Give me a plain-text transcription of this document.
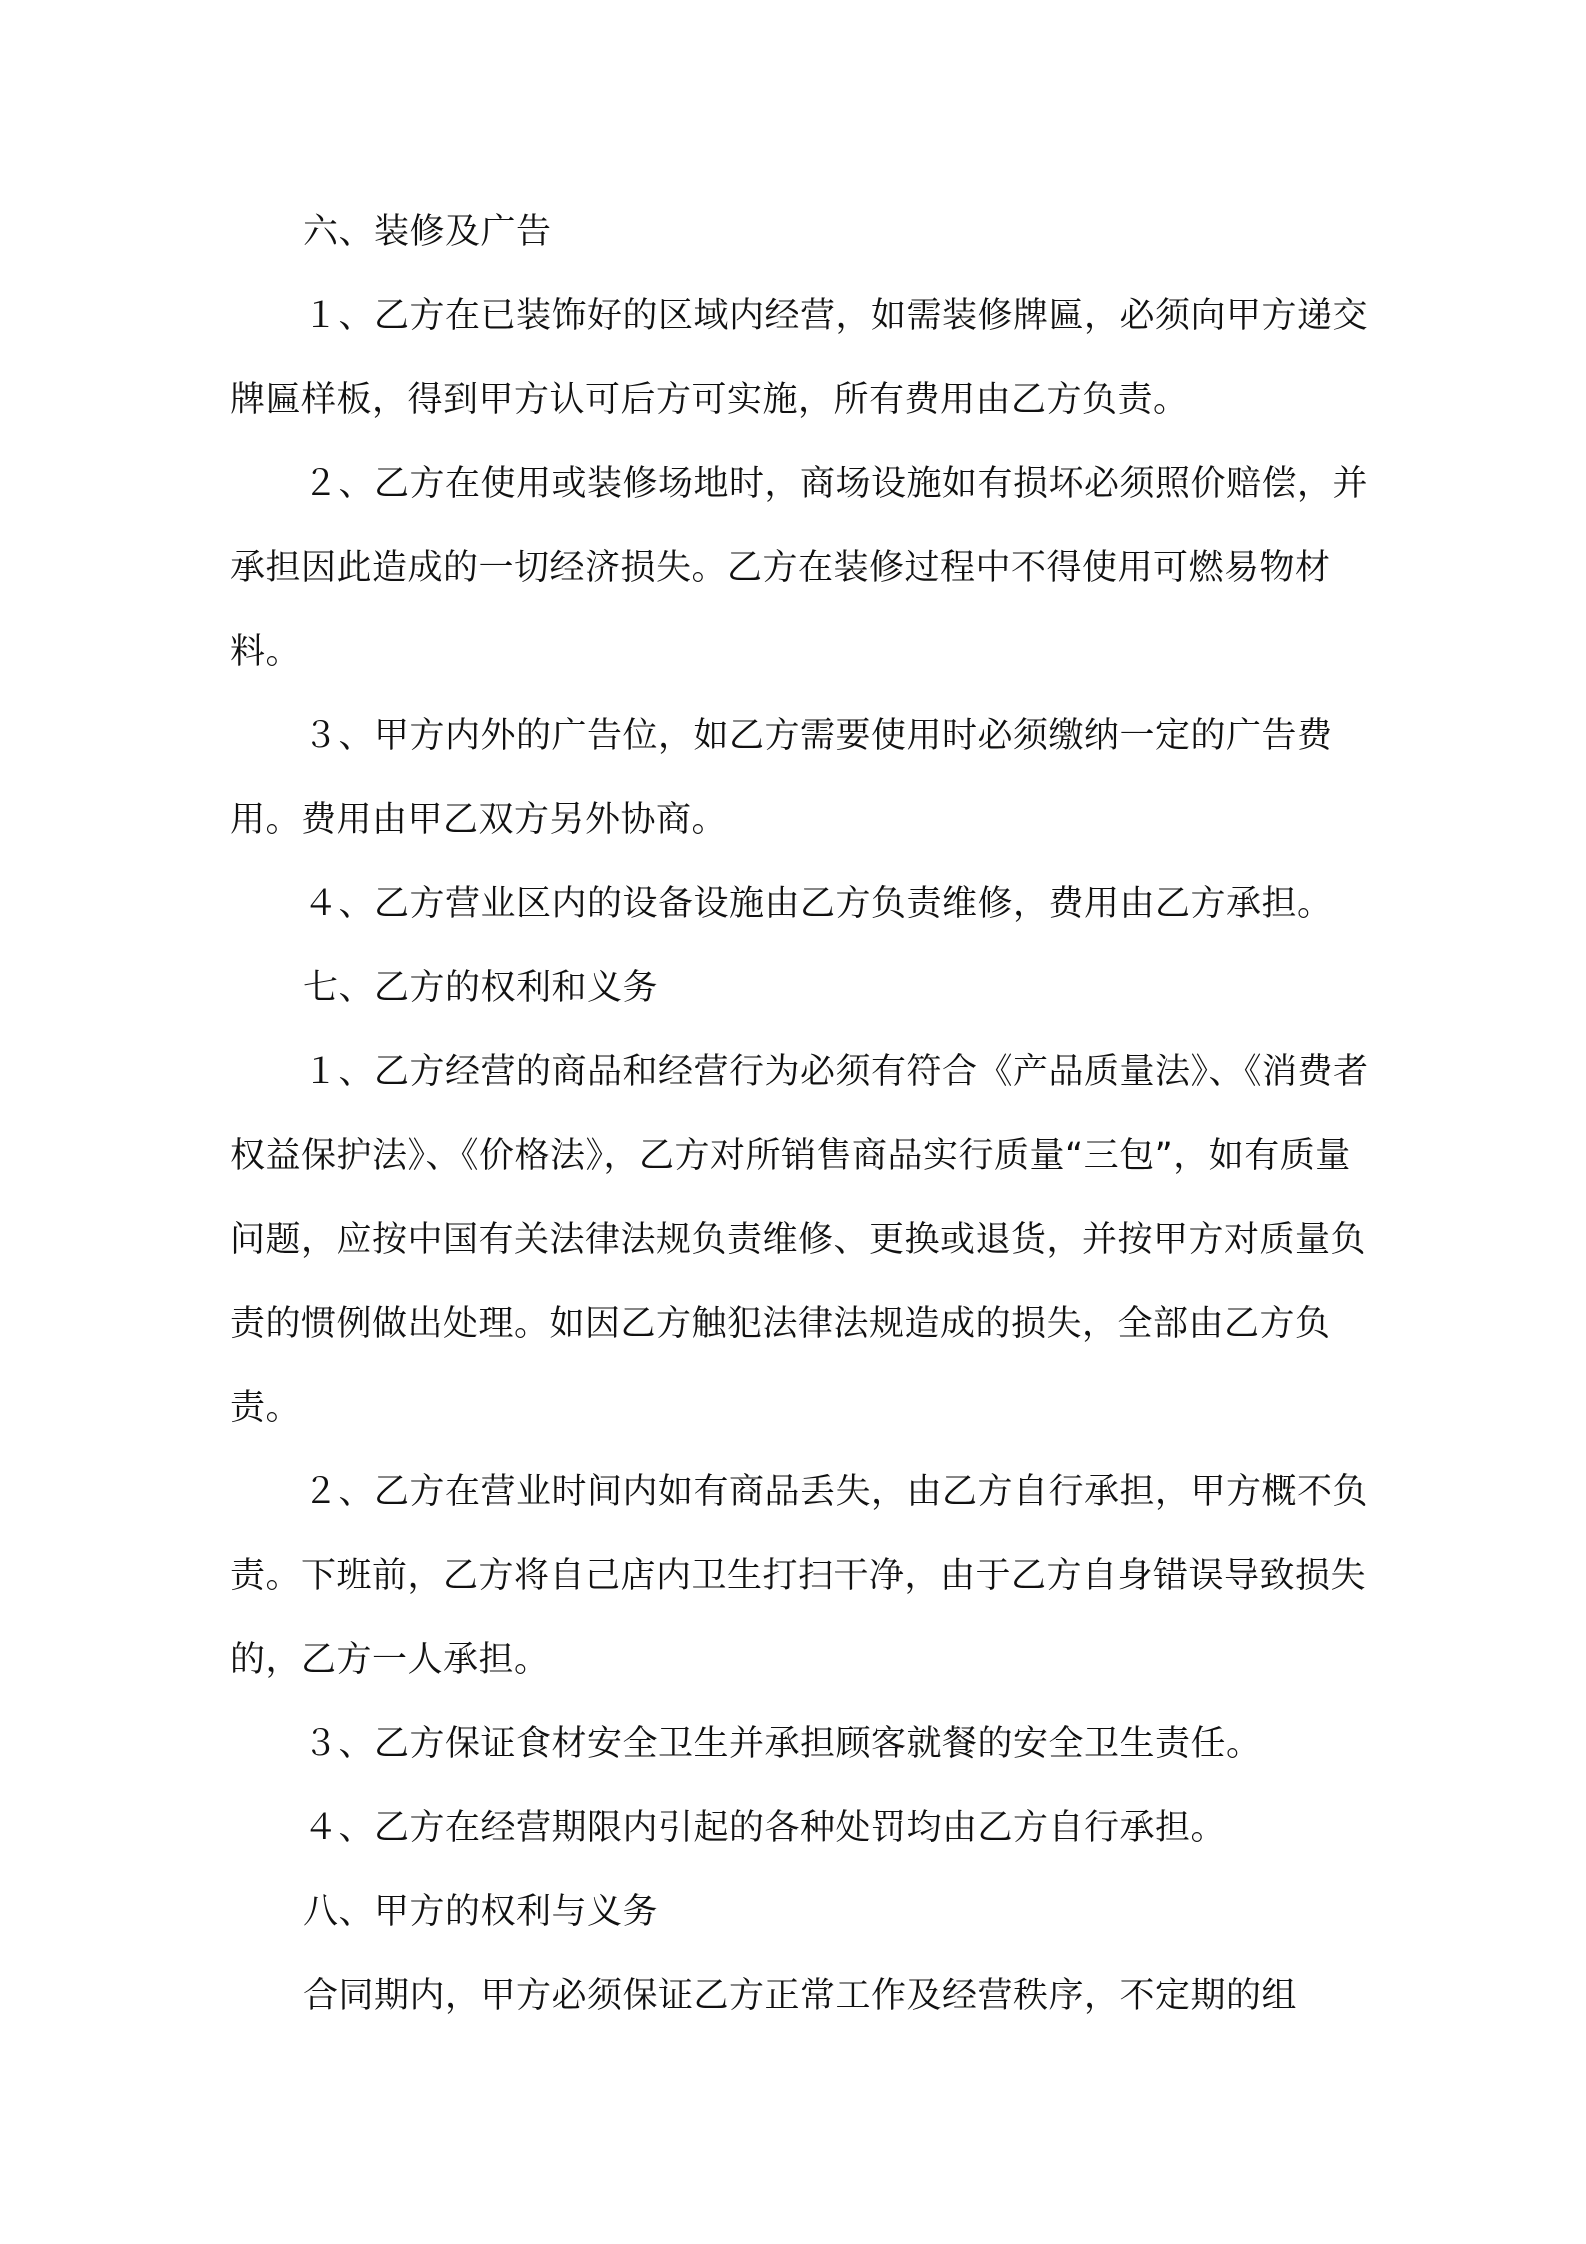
六、装修及广告

１、乙方在已装饰好的区域内经营，如需装修牌匾，必须向甲方递交牌匾样板，得到甲方认可后方可实施，所有费用由乙方负责。

２、乙方在使用或装修场地时，商场设施如有损坏必须照价赔偿，并承担因此造成的一切经济损失。乙方在装修过程中不得使用可燃易物材料。

３、甲方内外的广告位，如乙方需要使用时必须缴纳一定的广告费用。费用由甲乙双方另外协商。

４、乙方营业区内的设备设施由乙方负责维修，费用由乙方承担。

七、乙方的权利和义务

１、乙方经营的商品和经营行为必须有符合《产品质量法》、《消费者权益保护法》、《价格法》，乙方对所销售商品实行质量“三包”，如有质量问题，应按中国有关法律法规负责维修、更换或退货，并按甲方对质量负责的惯例做出处理。如因乙方触犯法律法规造成的损失，全部由乙方负责。

２、乙方在营业时间内如有商品丢失，由乙方自行承担，甲方概不负责。下班前，乙方将自己店内卫生打扫干净，由于乙方自身错误导致损失的，乙方一人承担。

３、乙方保证食材安全卫生并承担顾客就餐的安全卫生责任。

４、乙方在经营期限内引起的各种处罚均由乙方自行承担。

八、甲方的权利与义务

合同期内，甲方必须保证乙方正常工作及经营秩序，不定期的组
